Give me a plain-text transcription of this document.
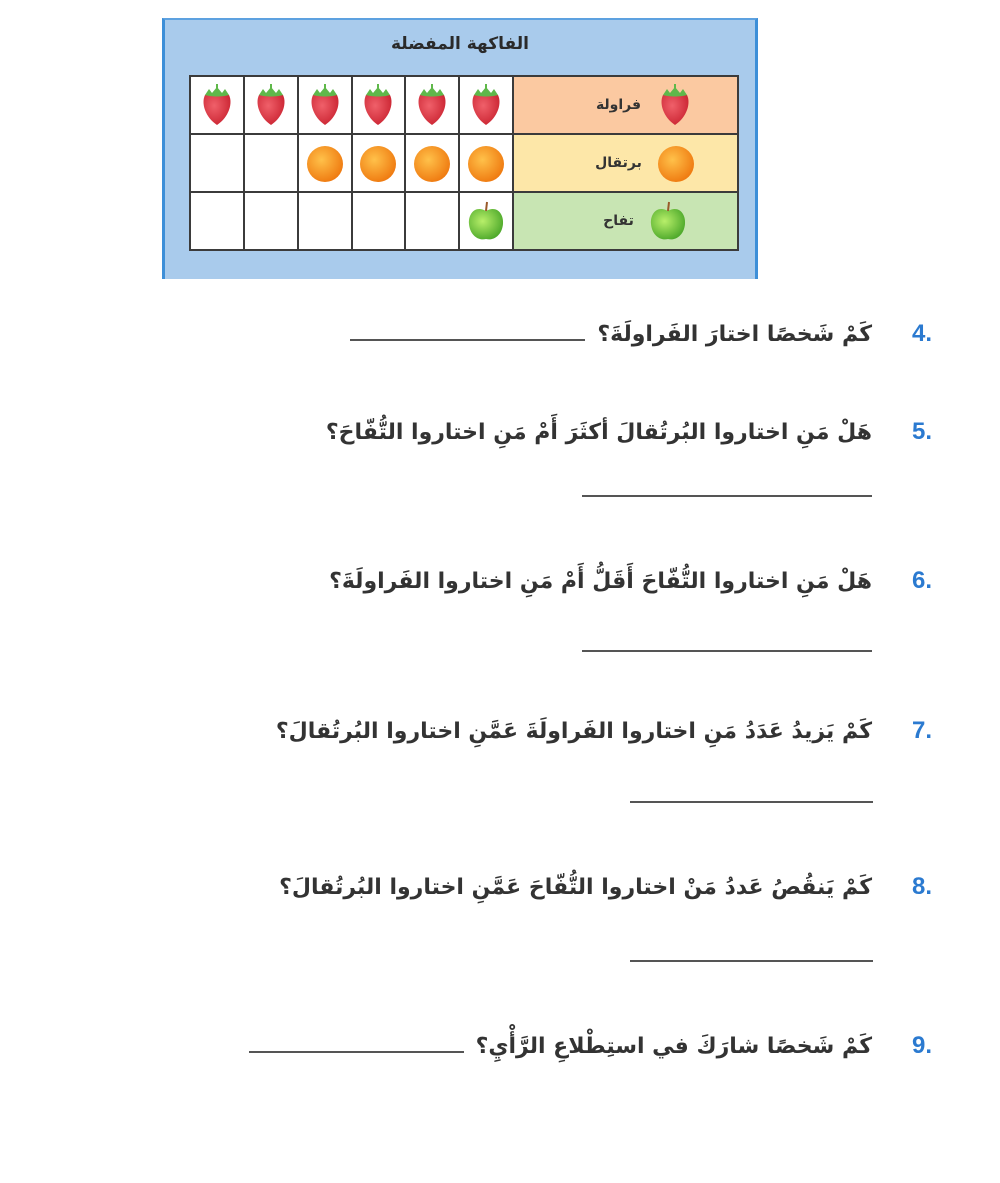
الفاكهة المفضلة
فراولة
برتقال
تفاح
4.
كَمْ شَخصًا اختارَ الفَراولَةَ؟
5.
هَلْ مَنِ اختاروا البُرتُقالَ أكثَرَ أَمْ مَنِ اختاروا التُّفّاحَ؟
6.
هَلْ مَنِ اختاروا التُّفّاحَ أَقَلُّ أَمْ مَنِ اختاروا الفَراولَةَ؟
7.
كَمْ يَزيدُ عَدَدُ مَنِ اختاروا الفَراولَةَ عَمَّنِ اختاروا البُرتُقالَ؟
8.
كَمْ يَنقُصُ عَددُ مَنْ اختاروا التُّفّاحَ عَمَّنِ اختاروا البُرتُقالَ؟
9.
كَمْ شَخصًا شارَكَ في استِطْلاعِ الرَّأْيِ؟
